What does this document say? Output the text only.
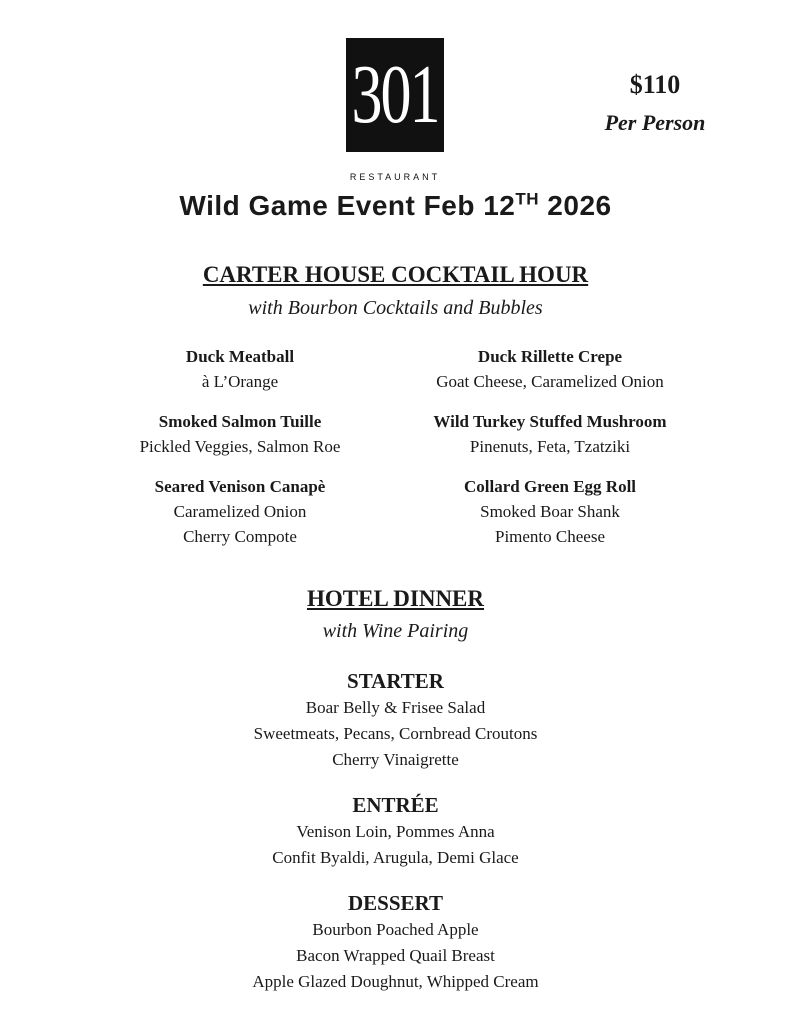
301
RESTAURANT
$110
Per Person
Wild Game Event Feb 12TH 2026
CARTER HOUSE COCKTAIL HOUR
with Bourbon Cocktails and Bubbles
Duck Meatball
à L’Orange
Duck Rillette Crepe
Goat Cheese, Caramelized Onion
Smoked Salmon Tuille
Pickled Veggies, Salmon Roe
Wild Turkey Stuffed Mushroom
Pinenuts, Feta, Tzatziki
Seared Venison Canapè
Caramelized Onion
Cherry Compote
Collard Green Egg Roll
Smoked Boar Shank
Pimento Cheese
HOTEL DINNER
with Wine Pairing
STARTER
Boar Belly & Frisee Salad
Sweetmeats, Pecans, Cornbread Croutons
Cherry Vinaigrette
ENTRÉE
Venison Loin, Pommes Anna
Confit Byaldi, Arugula, Demi Glace
DESSERT
Bourbon Poached Apple
Bacon Wrapped Quail Breast
Apple Glazed Doughnut, Whipped Cream
